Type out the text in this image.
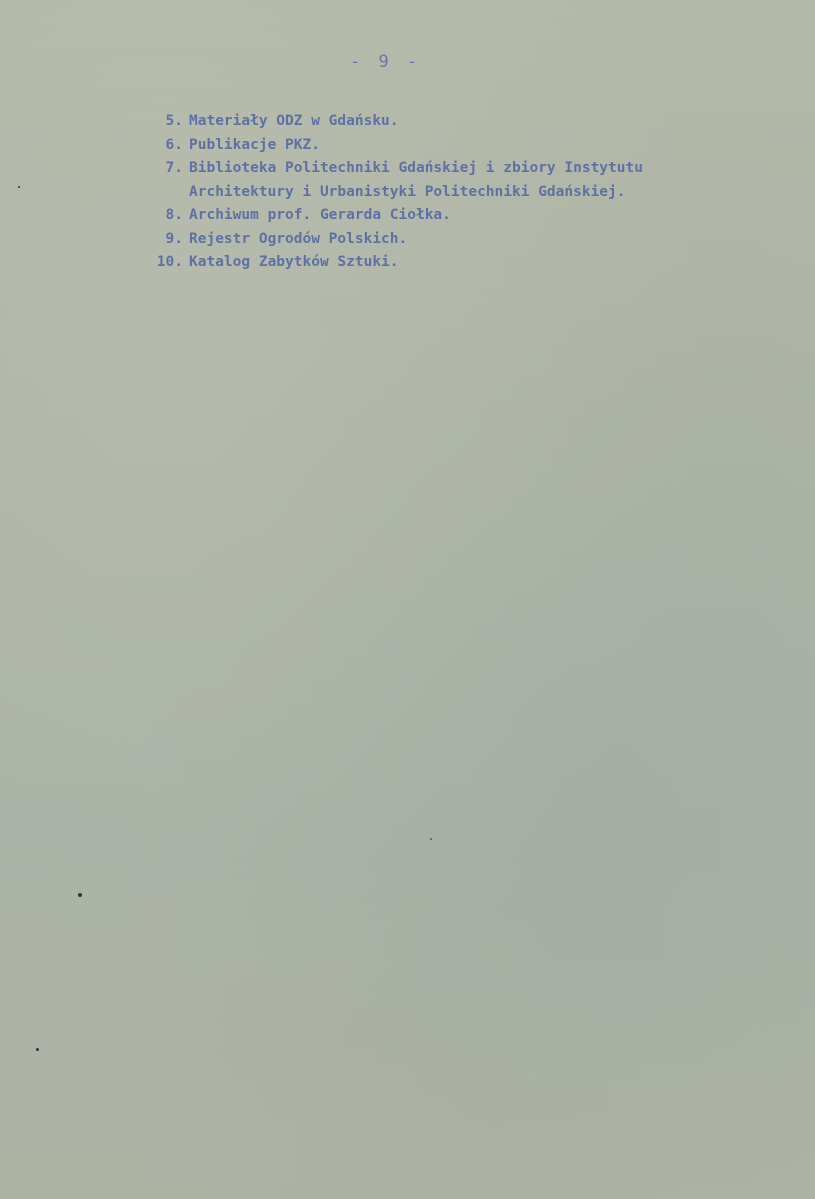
- 9 -
5. Materiały ODZ w Gdańsku.
6. Publikacje PKZ.
7. Biblioteka Politechniki Gdańskiej i zbiory Instytutu
Architektury i Urbanistyki Politechniki Gdańskiej.
8. Archiwum prof. Gerarda Ciołka.
9. Rejestr Ogrodów Polskich.
10. Katalog Zabytków Sztuki.
